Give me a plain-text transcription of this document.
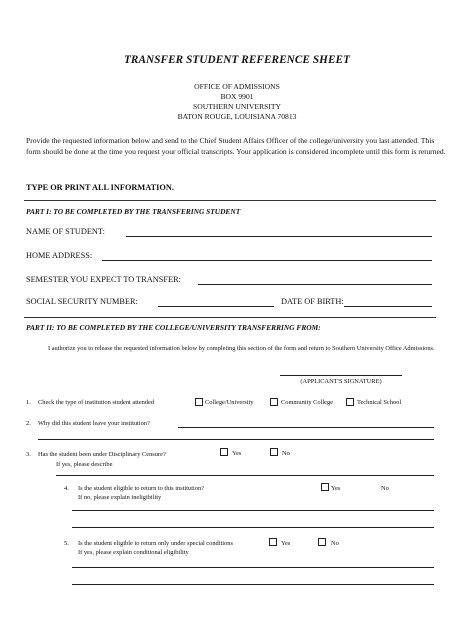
TRANSFER STUDENT REFERENCE SHEET
OFFICE OF ADMISSIONS
BOX 9901
SOUTHERN UNIVERSITY
BATON ROUGE, LOUISIANA 70813
Provide the requested information below and send to the Chief Student Affairs Officer of the college/university you last attended. This form should be done at the time you request your official transcripts. Your application is considered incomplete until this form is returned.
TYPE OR PRINT ALL INFORMATION.
PART I: TO BE COMPLETED BY THE TRANSFERING STUDENT
NAME OF STUDENT:
HOME ADDRESS:
SEMESTER YOU EXPECT TO TRANSFER:
SOCIAL SECURITY NUMBER:	DATE OF BIRTH:
PART II: TO BE COMPLETED BY THE COLLEGE/UNIVERSITY TRANSFERRING FROM:
I authorize you to release the requested information below by completing this section of the form and return to Southern University Office Admissions.
(APPLICANT'S SIGNATURE)
1. Check the type of institution student attended	College/University	Community College	Technical School
2. Why did this student leave your institution?
3. Has the student been under Disciplinary Censure?
If yes, please describe
Yes	No
4. Is the student eligible to return to this institution?
If no, please explain ineligibility
Yes	No
5. Is the student eligible to return only under special conditions
If yes, please explain conditional eligibility
Yes	No
